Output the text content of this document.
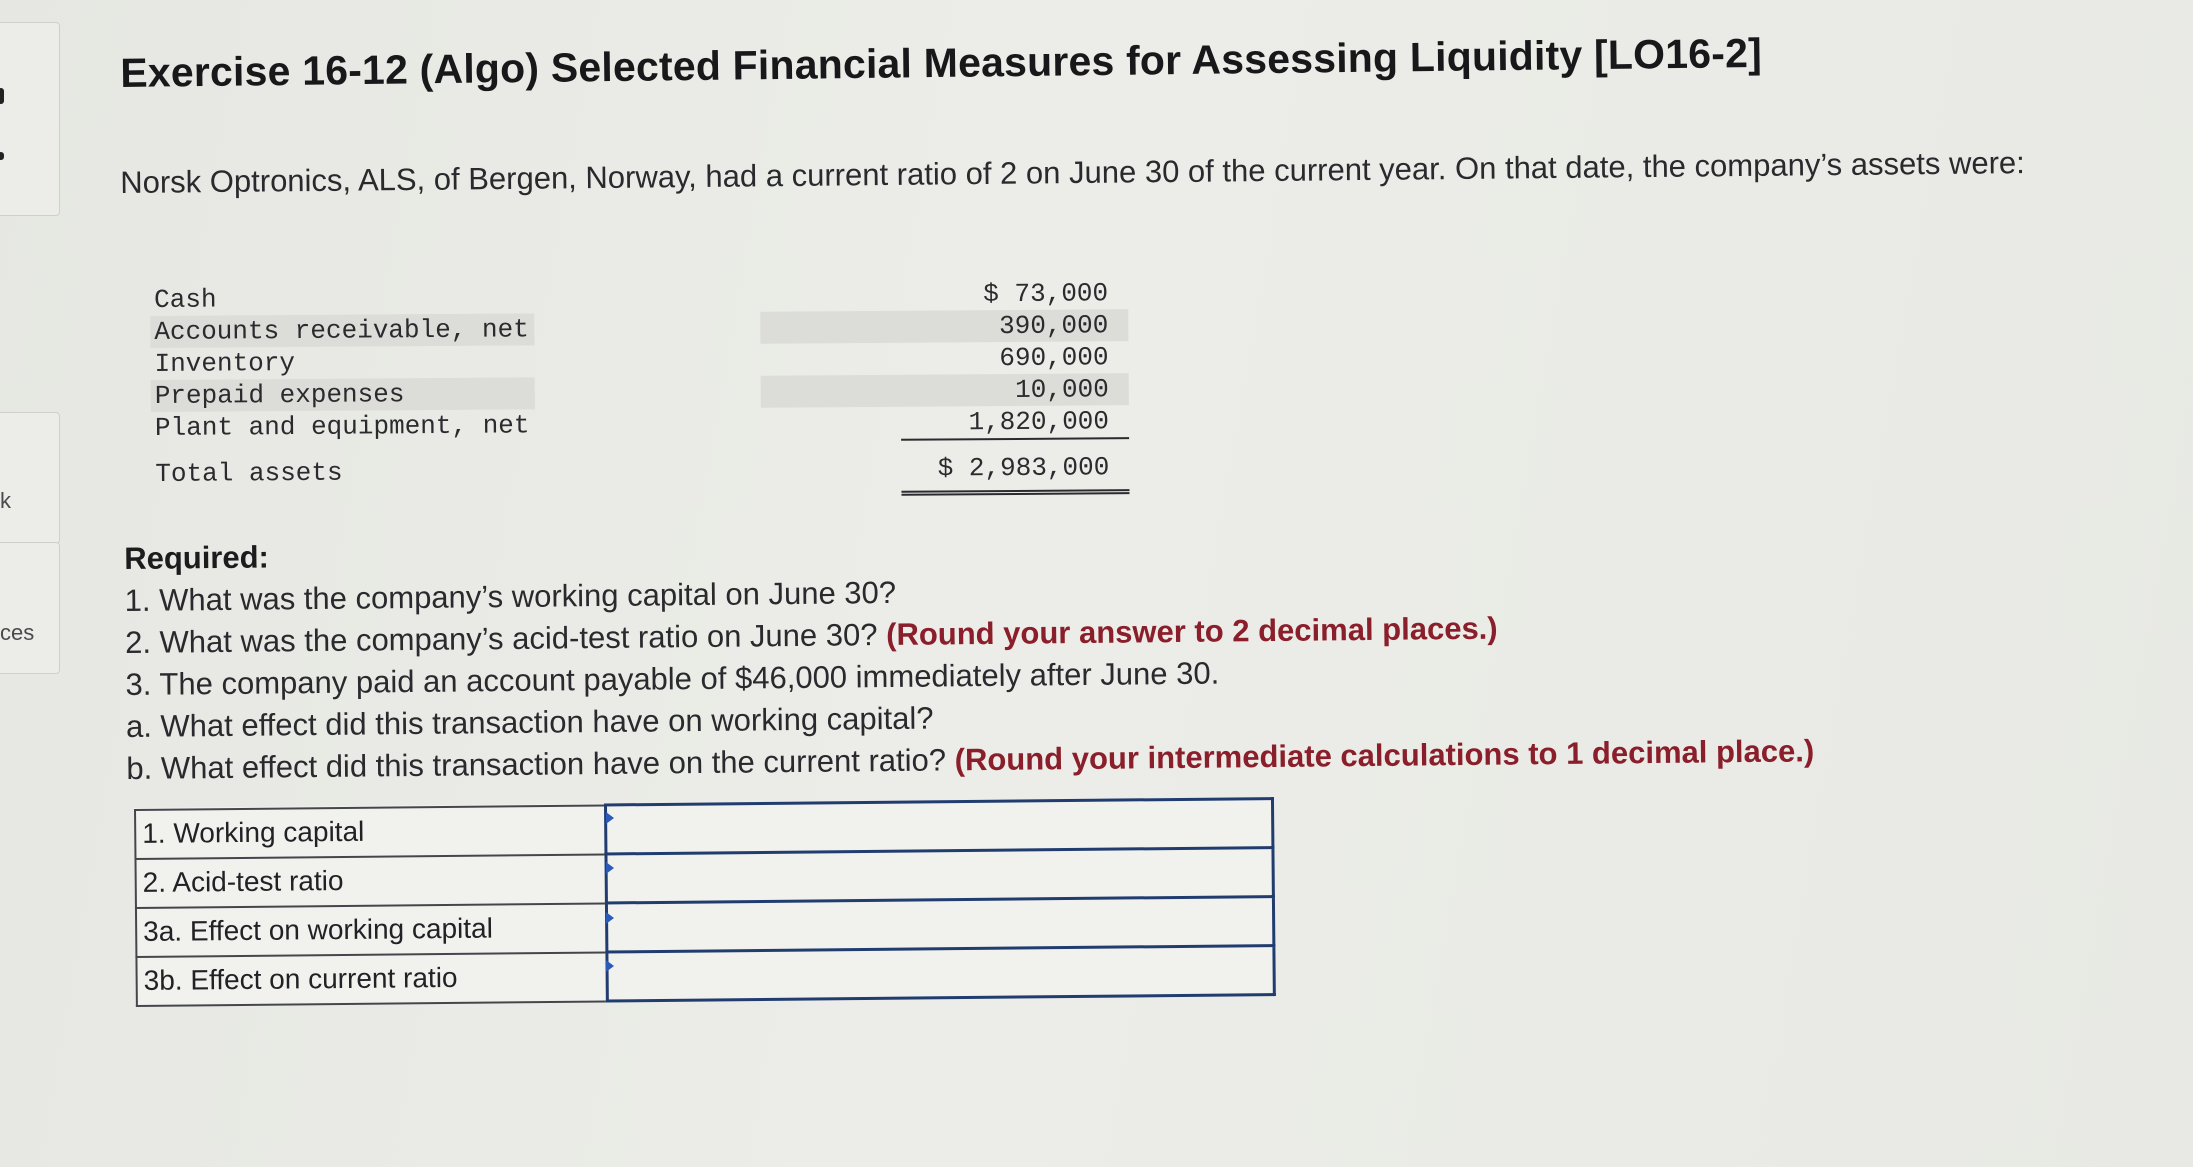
k
ces
Exercise 16-12 (Algo) Selected Financial Measures for Assessing Liquidity [LO16-2]
Norsk Optronics, ALS, of Bergen, Norway, had a current ratio of 2 on June 30 of the current year. On that date, the company’s assets were:
Cash	$ 73,000
Accounts receivable, net	390,000
Inventory	690,000
Prepaid expenses	10,000
Plant and equipment, net	1,820,000
Total assets	$ 2,983,000
Required:
1. What was the company’s working capital on June 30?
2. What was the company’s acid-test ratio on June 30? (Round your answer to 2 decimal places.)
3. The company paid an account payable of $46,000 immediately after June 30.
a. What effect did this transaction have on working capital?
b. What effect did this transaction have on the current ratio? (Round your intermediate calculations to 1 decimal place.)
1. Working capital	
2. Acid-test ratio	
3a. Effect on working capital	
3b. Effect on current ratio	
